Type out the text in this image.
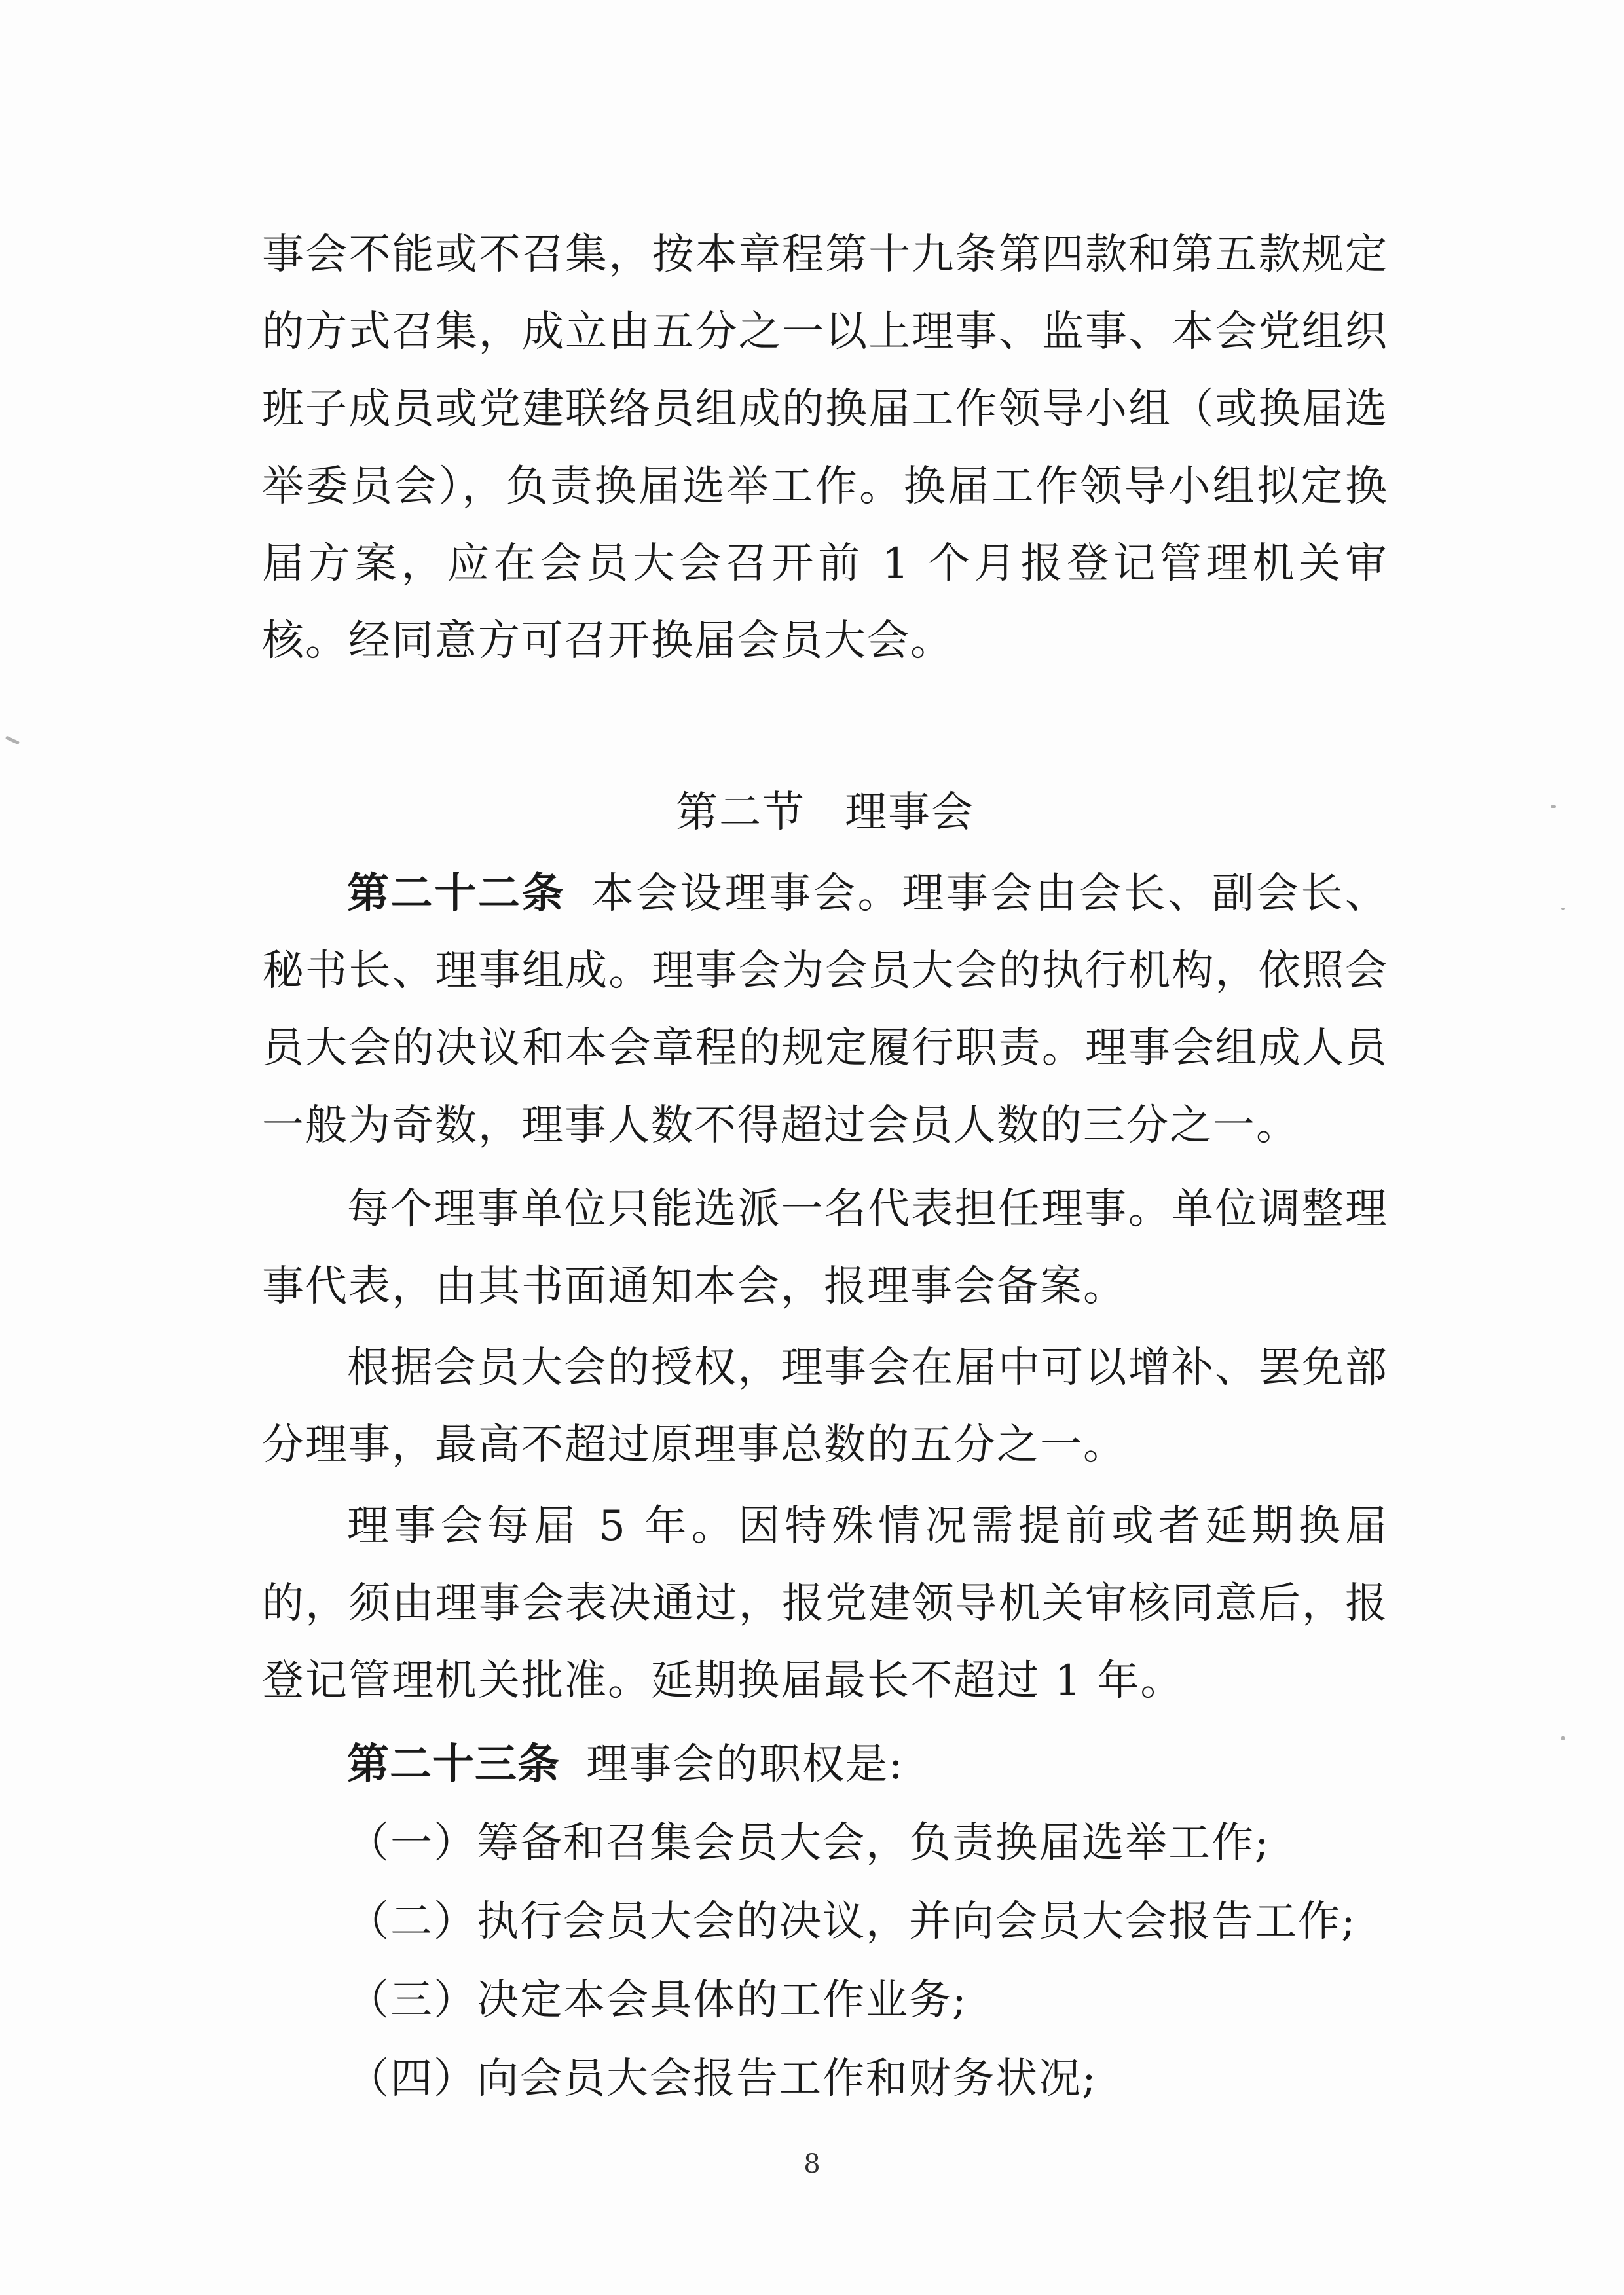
事会不能或不召集，按本章程第十九条第四款和第五款规定的方式召集，成立由五分之一以上理事、监事、本会党组织班子成员或党建联络员组成的换届工作领导小组（或换届选举委员会），负责换届选举工作。换届工作领导小组拟定换届方案，应在会员大会召开前 1 个月报登记管理机关审核。经同意方可召开换届会员大会。

第二节 理事会

第二十二条 本会设理事会。理事会由会长、副会长、秘书长、理事组成。理事会为会员大会的执行机构，依照会员大会的决议和本会章程的规定履行职责。理事会组成人员一般为奇数，理事人数不得超过会员人数的三分之一。

每个理事单位只能选派一名代表担任理事。单位调整理事代表，由其书面通知本会，报理事会备案。

根据会员大会的授权，理事会在届中可以增补、罢免部分理事，最高不超过原理事总数的五分之一。

理事会每届 5 年。因特殊情况需提前或者延期换届的，须由理事会表决通过，报党建领导机关审核同意后，报登记管理机关批准。延期换届最长不超过 1 年。

第二十三条 理事会的职权是:

（一）筹备和召集会员大会，负责换届选举工作;

（二）执行会员大会的决议，并向会员大会报告工作;

（三）决定本会具体的工作业务;

（四）向会员大会报告工作和财务状况;

8
